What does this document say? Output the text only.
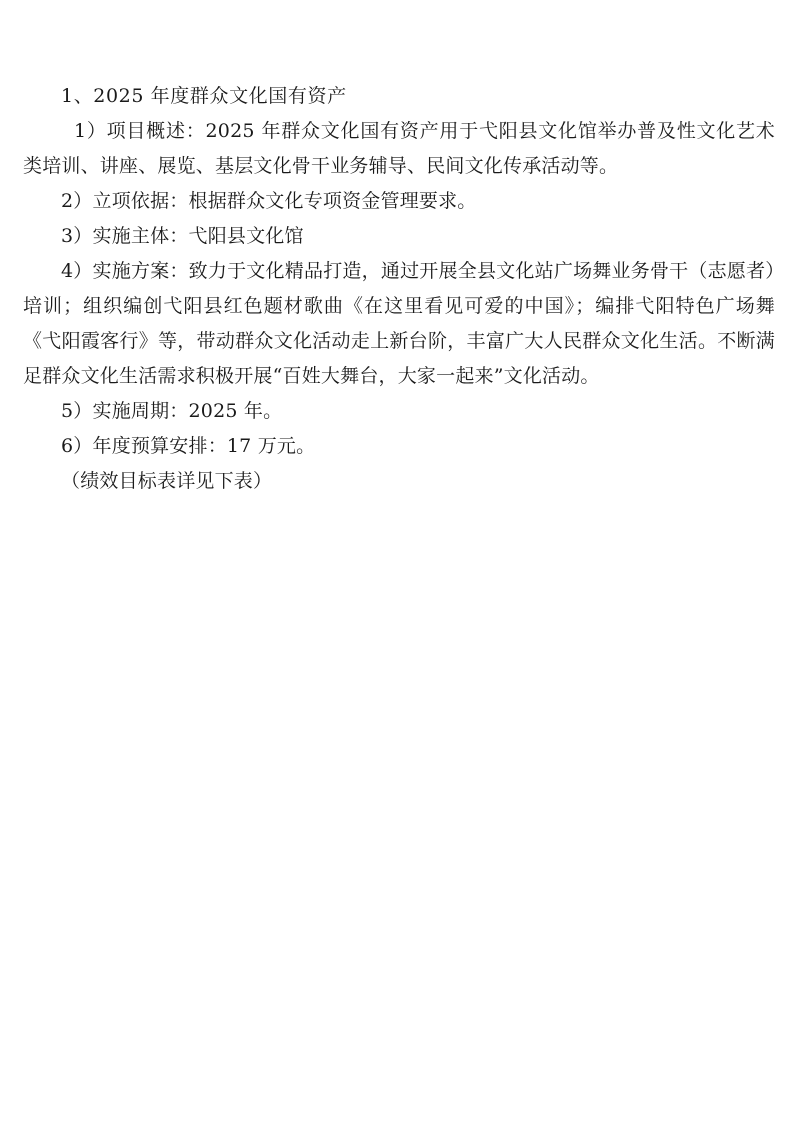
1、2025 年度群众文化国有资产

1）项目概述：2025 年群众文化国有资产用于弋阳县文化馆举办普及性文化艺术类培训、讲座、展览、基层文化骨干业务辅导、民间文化传承活动等。

2）立项依据：根据群众文化专项资金管理要求。

3）实施主体：弋阳县文化馆

4）实施方案：致力于文化精品打造，通过开展全县文化站广场舞业务骨干（志愿者）培训；组织编创弋阳县红色题材歌曲《在这里看见可爱的中国》；编排弋阳特色广场舞《弋阳霞客行》等，带动群众文化活动走上新台阶，丰富广大人民群众文化生活。不断满足群众文化生活需求积极开展“百姓大舞台，大家一起来”文化活动。

5）实施周期：2025 年。

6）年度预算安排：17 万元。

（绩效目标表详见下表）
